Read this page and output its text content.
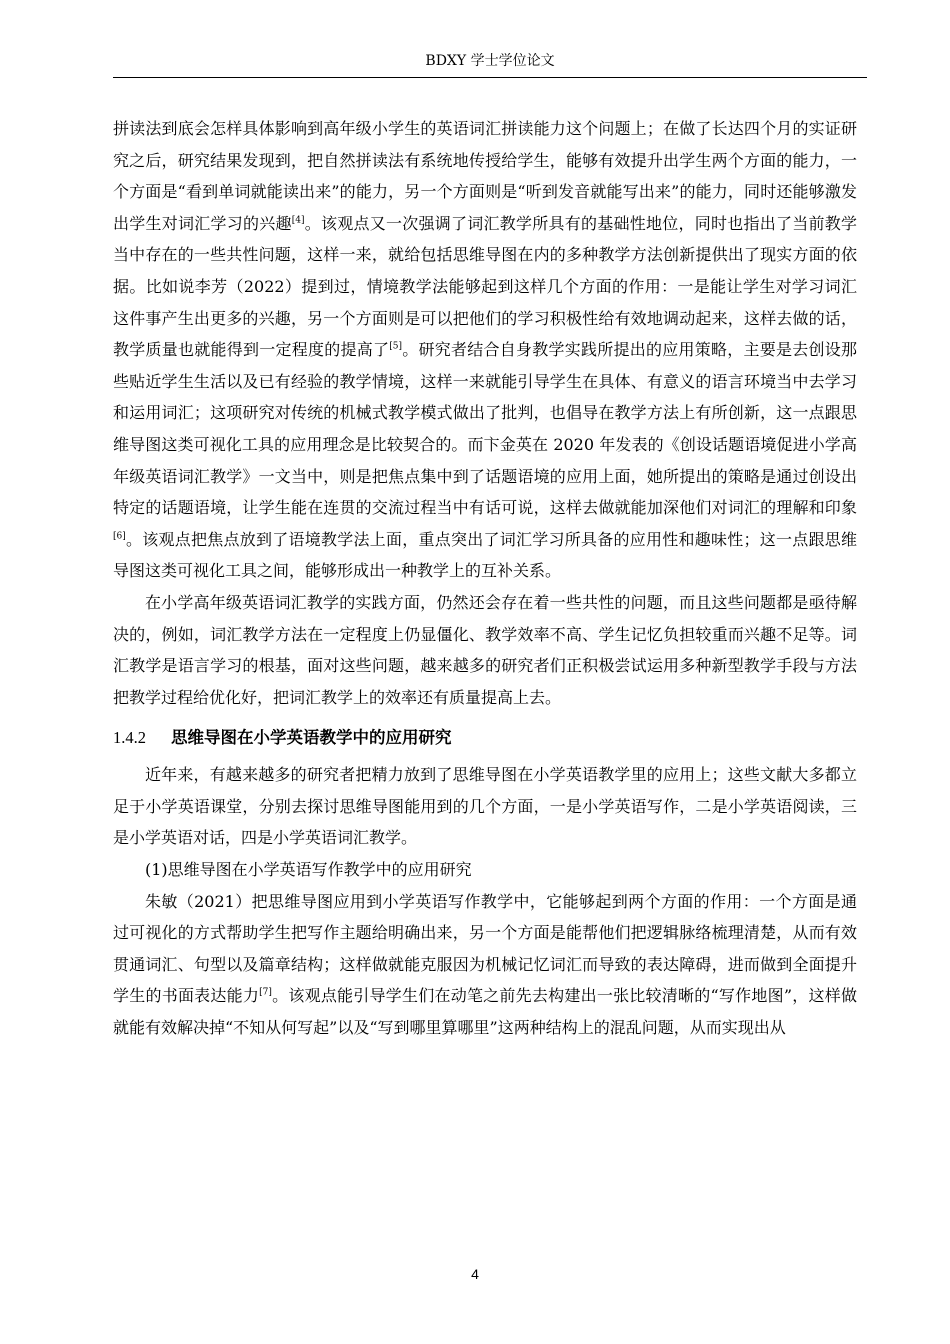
BDXY 学士学位论文

拼读法到底会怎样具体影响到高年级小学生的英语词汇拼读能力这个问题上；在做了长达四个月的实证研究之后，研究结果发现到，把自然拼读法有系统地传授给学生，能够有效提升出学生两个方面的能力，一个方面是“看到单词就能读出来”的能力，另一个方面则是“听到发音就能写出来”的能力，同时还能够激发出学生对词汇学习的兴趣[4]。该观点又一次强调了词汇教学所具有的基础性地位，同时也指出了当前教学当中存在的一些共性问题，这样一来，就给包括思维导图在内的多种教学方法创新提供出了现实方面的依据。比如说李芳（2022）提到过，情境教学法能够起到这样几个方面的作用：一是能让学生对学习词汇这件事产生出更多的兴趣，另一个方面则是可以把他们的学习积极性给有效地调动起来，这样去做的话，教学质量也就能得到一定程度的提高了[5]。研究者结合自身教学实践所提出的应用策略，主要是去创设那些贴近学生生活以及已有经验的教学情境，这样一来就能引导学生在具体、有意义的语言环境当中去学习和运用词汇；这项研究对传统的机械式教学模式做出了批判，也倡导在教学方法上有所创新，这一点跟思维导图这类可视化工具的应用理念是比较契合的。而卞金英在 2020 年发表的《创设话题语境促进小学高年级英语词汇教学》一文当中，则是把焦点集中到了话题语境的应用上面，她所提出的策略是通过创设出特定的话题语境，让学生能在连贯的交流过程当中有话可说，这样去做就能加深他们对词汇的理解和印象[6]。该观点把焦点放到了语境教学法上面，重点突出了词汇学习所具备的应用性和趣味性；这一点跟思维导图这类可视化工具之间，能够形成出一种教学上的互补关系。

在小学高年级英语词汇教学的实践方面，仍然还会存在着一些共性的问题，而且这些问题都是亟待解决的，例如，词汇教学方法在一定程度上仍显僵化、教学效率不高、学生记忆负担较重而兴趣不足等。词汇教学是语言学习的根基，面对这些问题，越来越多的研究者们正积极尝试运用多种新型教学手段与方法把教学过程给优化好，把词汇教学上的效率还有质量提高上去。

1.4.2 思维导图在小学英语教学中的应用研究

近年来，有越来越多的研究者把精力放到了思维导图在小学英语教学里的应用上；这些文献大多都立足于小学英语课堂，分别去探讨思维导图能用到的几个方面，一是小学英语写作，二是小学英语阅读，三是小学英语对话，四是小学英语词汇教学。

(1)思维导图在小学英语写作教学中的应用研究

朱敏（2021）把思维导图应用到小学英语写作教学中，它能够起到两个方面的作用：一个方面是通过可视化的方式帮助学生把写作主题给明确出来，另一个方面是能帮他们把逻辑脉络梳理清楚，从而有效贯通词汇、句型以及篇章结构；这样做就能克服因为机械记忆词汇而导致的表达障碍，进而做到全面提升学生的书面表达能力[7]。该观点能引导学生们在动笔之前先去构建出一张比较清晰的“写作地图”，这样做就能有效解决掉“不知从何写起”以及“写到哪里算哪里”这两种结构上的混乱问题，从而实现出从

4
